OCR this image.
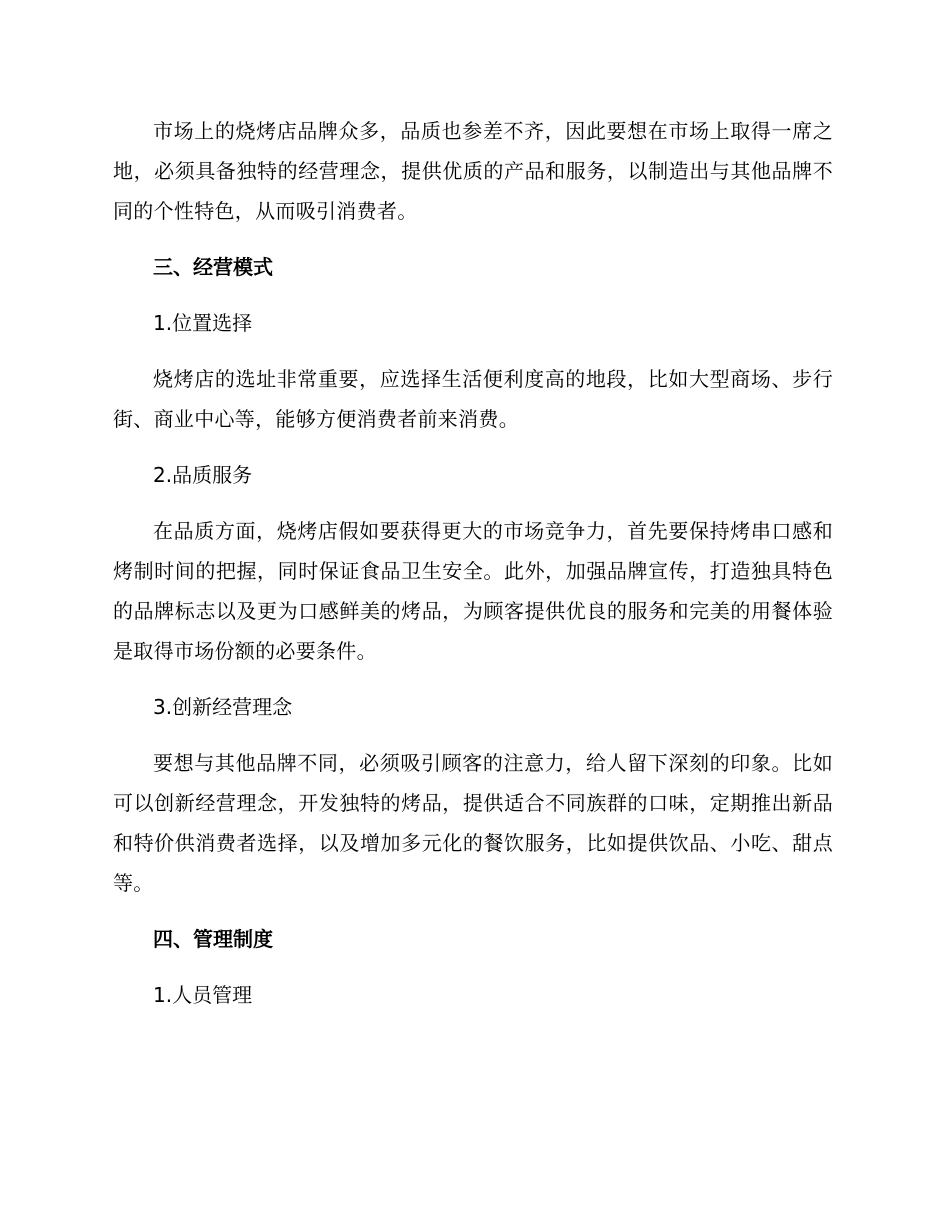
市场上的烧烤店品牌众多，品质也参差不齐，因此要想在市场上取得一席之地，必须具备独特的经营理念，提供优质的产品和服务，以制造出与其他品牌不同的个性特色，从而吸引消费者。

三、经营模式

1.位置选择

烧烤店的选址非常重要，应选择生活便利度高的地段，比如大型商场、步行街、商业中心等，能够方便消费者前来消费。

2.品质服务

在品质方面，烧烤店假如要获得更大的市场竞争力，首先要保持烤串口感和烤制时间的把握，同时保证食品卫生安全。此外，加强品牌宣传，打造独具特色的品牌标志以及更为口感鲜美的烤品，为顾客提供优良的服务和完美的用餐体验是取得市场份额的必要条件。

3.创新经营理念

要想与其他品牌不同，必须吸引顾客的注意力，给人留下深刻的印象。比如可以创新经营理念，开发独特的烤品，提供适合不同族群的口味，定期推出新品和特价供消费者选择，以及增加多元化的餐饮服务，比如提供饮品、小吃、甜点等。

四、管理制度

1.人员管理
